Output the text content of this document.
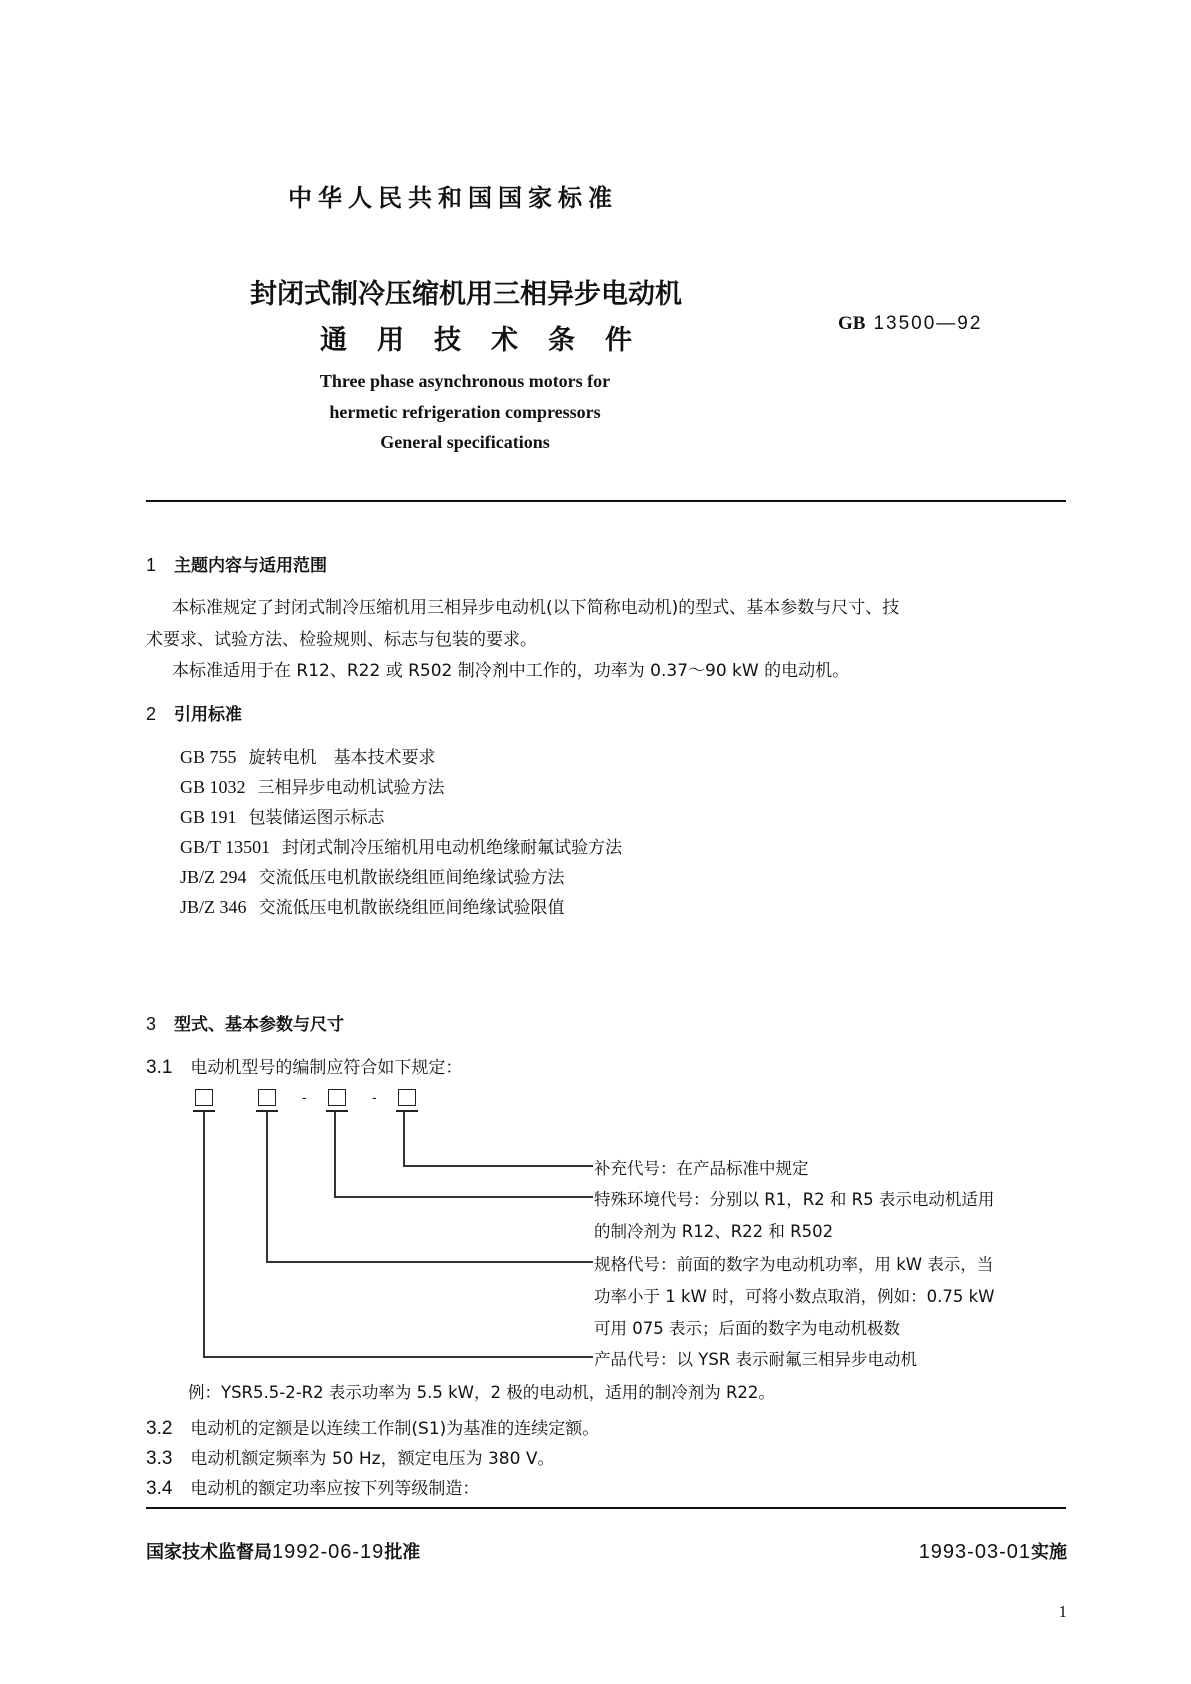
中华人民共和国国家标准
封闭式制冷压缩机用三相异步电动机
通用技术条件
GB 13500—92
Three phase asynchronous motors for
hermetic refrigeration compressors
General specifications
1 主题内容与适用范围
本标准规定了封闭式制冷压缩机用三相异步电动机(以下简称电动机)的型式、基本参数与尺寸、技
术要求、试验方法、检验规则、标志与包装的要求。
本标准适用于在 R12、R22 或 R502 制冷剂中工作的，功率为 0.37～90 kW 的电动机。
2 引用标准
GB 755 旋转电机　基本技术要求
GB 1032 三相异步电动机试验方法
GB 191 包装储运图示标志
GB/T 13501 封闭式制冷压缩机用电动机绝缘耐氟试验方法
JB/Z 294 交流低压电机散嵌绕组匝间绝缘试验方法
JB/Z 346 交流低压电机散嵌绕组匝间绝缘试验限值
3 型式、基本参数与尺寸
3.1 电动机型号的编制应符合如下规定：
-	-
补充代号：在产品标准中规定
特殊环境代号：分别以 R1，R2 和 R5 表示电动机适用
的制冷剂为 R12、R22 和 R502
规格代号：前面的数字为电动机功率，用 kW 表示，当
功率小于 1 kW 时，可将小数点取消，例如：0.75 kW
可用 075 表示；后面的数字为电动机极数
产品代号：以 YSR 表示耐氟三相异步电动机
例：YSR5.5-2-R2 表示功率为 5.5 kW，2 极的电动机，适用的制冷剂为 R22。
3.2 电动机的定额是以连续工作制(S1)为基准的连续定额。
3.3 电动机额定频率为 50 Hz，额定电压为 380 V。
3.4 电动机的额定功率应按下列等级制造：
国家技术监督局1992-06-19批准	1993-03-01实施
1
